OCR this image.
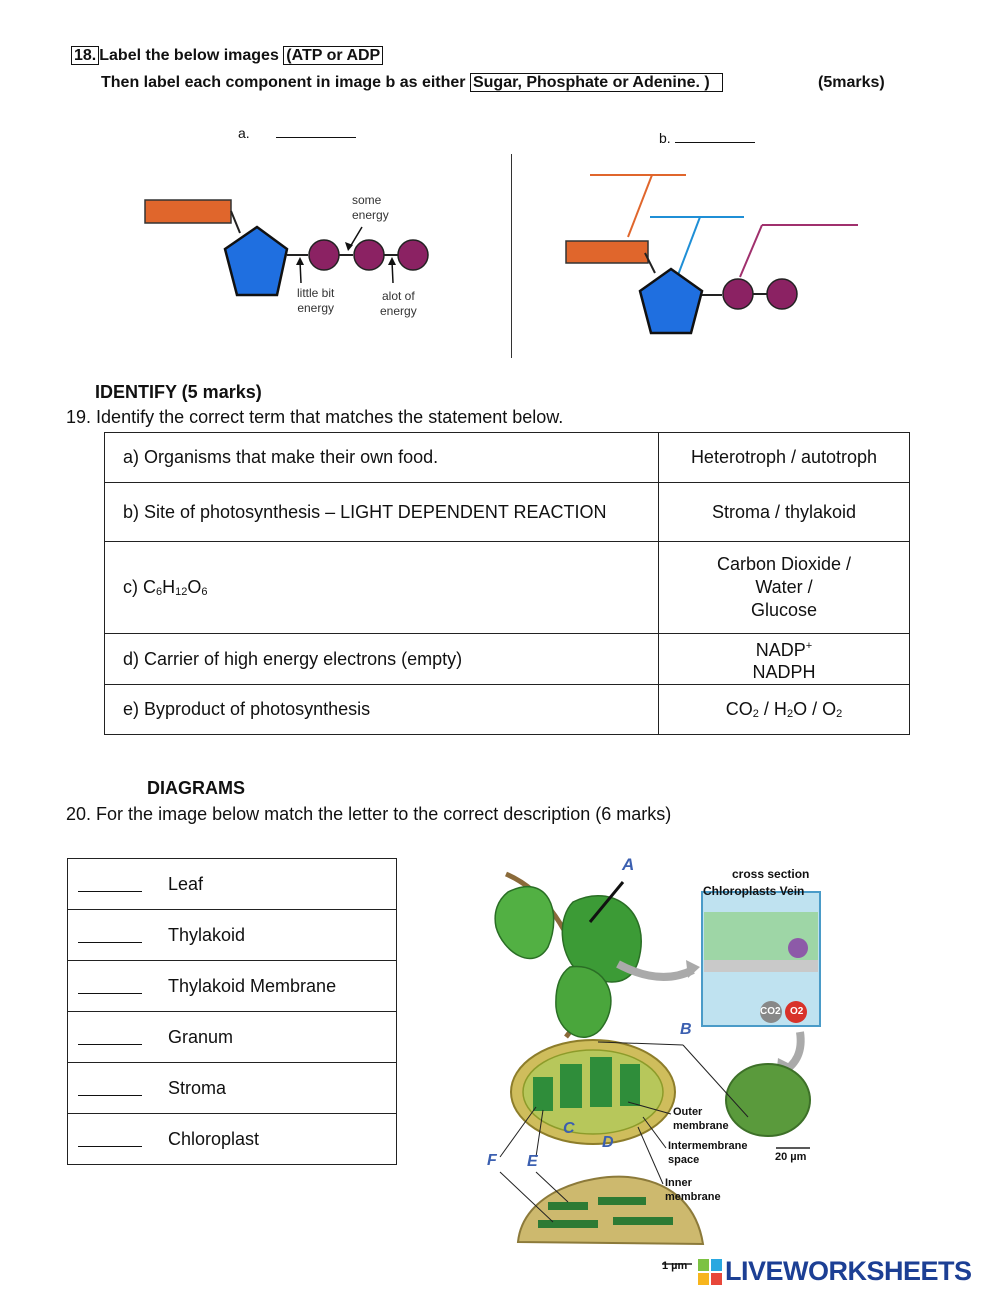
18. Label the below images (ATP or ADP
Then label each component in image b as either Sugar, Phosphate or Adenine. )	(5marks)
a.	b.
some
energy
little bit
energy
alot of
energy
IDENTIFY (5 marks)
19. Identify the correct term that matches the statement below.
a) Organisms that make their own food.	Heterotroph / autotroph
b) Site of photosynthesis – LIGHT DEPENDENT REACTION	Stroma / thylakoid
c) $C_6H_{12}O_6$	Carbon Dioxide /
Water /
Glucose

d) Carrier of high energy electrons (empty)	NADP+
NADPH

e) Byproduct of photosynthesis	$CO_2 / H_2O / O_2$
DIAGRAMS
20. For the image below match the letter to the correct description (6 marks)
Leaf
Thylakoid
Thylakoid Membrane
Granum
Stroma
Chloroplast
A
B
C
D
E
F
cross section
Chloroplasts Vein
CO2 O2
Outer
membrane
Intermembrane
space
Inner
membrane
20 µm
1 µm LIVEWORKSHEETS
